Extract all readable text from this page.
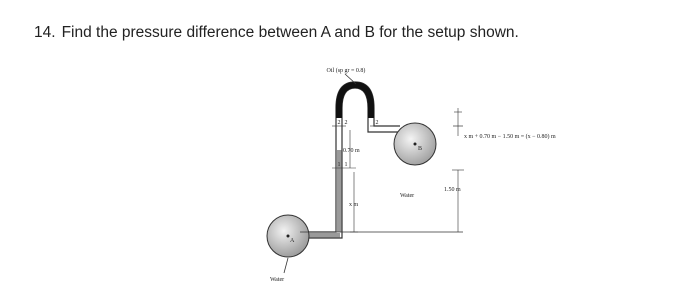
14. Find the pressure difference between A and B for the setup shown.
Oil (sp gr = 0.8)
2 2	2
0.70 m
1 1
x m
B
Water
A
Water
1.50 m
x m + 0.70 m − 1.50 m = (x − 0.80) m
